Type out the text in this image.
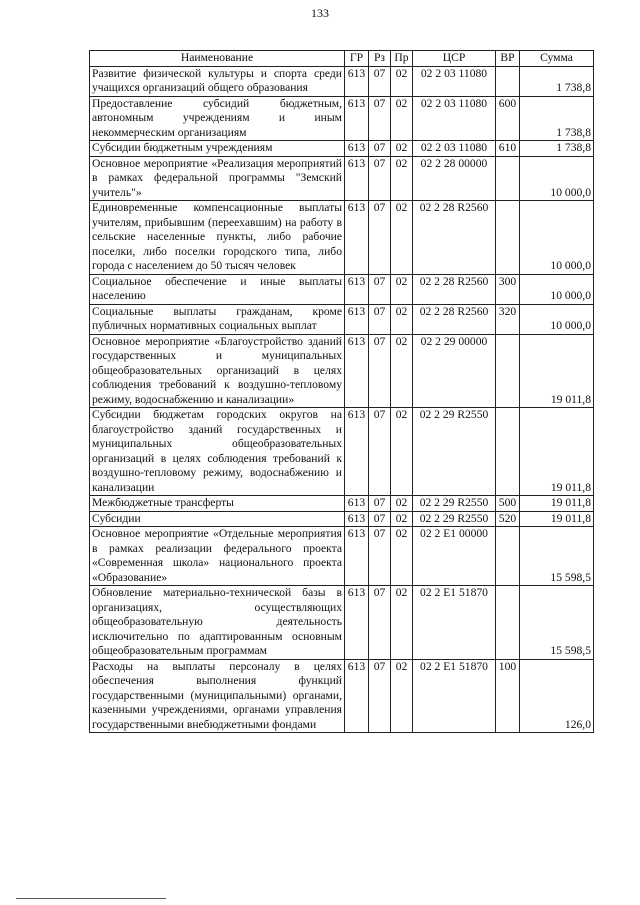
133
Наименование	ГР	Рз	Пр	ЦСР	ВР	Сумма
Развитие физической культуры и спорта среди учащихся организаций общего образования	613	07	02	02 2 03 11080		1 738,8
Предоставление субсидий бюджетным, автономным учреждениям и иным некоммерческим организациям	613	07	02	02 2 03 11080	600	1 738,8
Субсидии бюджетным учреждениям	613	07	02	02 2 03 11080	610	1 738,8
Основное мероприятие «Реализация мероприятий в рамках федеральной программы "Земский учитель"»	613	07	02	02 2 28 00000		10 000,0
Единовременные компенсационные выплаты учителям, прибывшим (переехавшим) на работу в сельские населенные пункты, либо рабочие поселки, либо поселки городского типа, либо города с населением до 50 тысяч человек	613	07	02	02 2 28 R2560		10 000,0
Социальное обеспечение и иные выплаты населению	613	07	02	02 2 28 R2560	300	10 000,0
Социальные выплаты гражданам, кроме публичных нормативных социальных выплат	613	07	02	02 2 28 R2560	320	10 000,0
Основное мероприятие «Благоустройство зданий государственных и муниципальных общеобразовательных организаций в целях соблюдения требований к воздушно-тепловому режиму, водоснабжению и канализации»	613	07	02	02 2 29 00000		19 011,8
Субсидии бюджетам городских округов на благоустройство зданий государственных и муниципальных общеобразовательных организаций в целях соблюдения требований к воздушно-тепловому режиму, водоснабжению и канализации	613	07	02	02 2 29 R2550		19 011,8
Межбюджетные трансферты	613	07	02	02 2 29 R2550	500	19 011,8
Субсидии	613	07	02	02 2 29 R2550	520	19 011,8
Основное мероприятие «Отдельные мероприятия в рамках реализации федерального проекта «Современная школа» национального проекта «Образование»	613	07	02	02 2 E1 00000		15 598,5
Обновление материально-технической базы в организациях, осуществляющих общеобразовательную деятельность исключительно по адаптированным основным общеобразовательным программам	613	07	02	02 2 E1 51870		15 598,5
Расходы на выплаты персоналу в целях обеспечения выполнения функций государственными (муниципальными) органами, казенными учреждениями, органами управления государственными внебюджетными фондами	613	07	02	02 2 E1 51870	100	126,0
